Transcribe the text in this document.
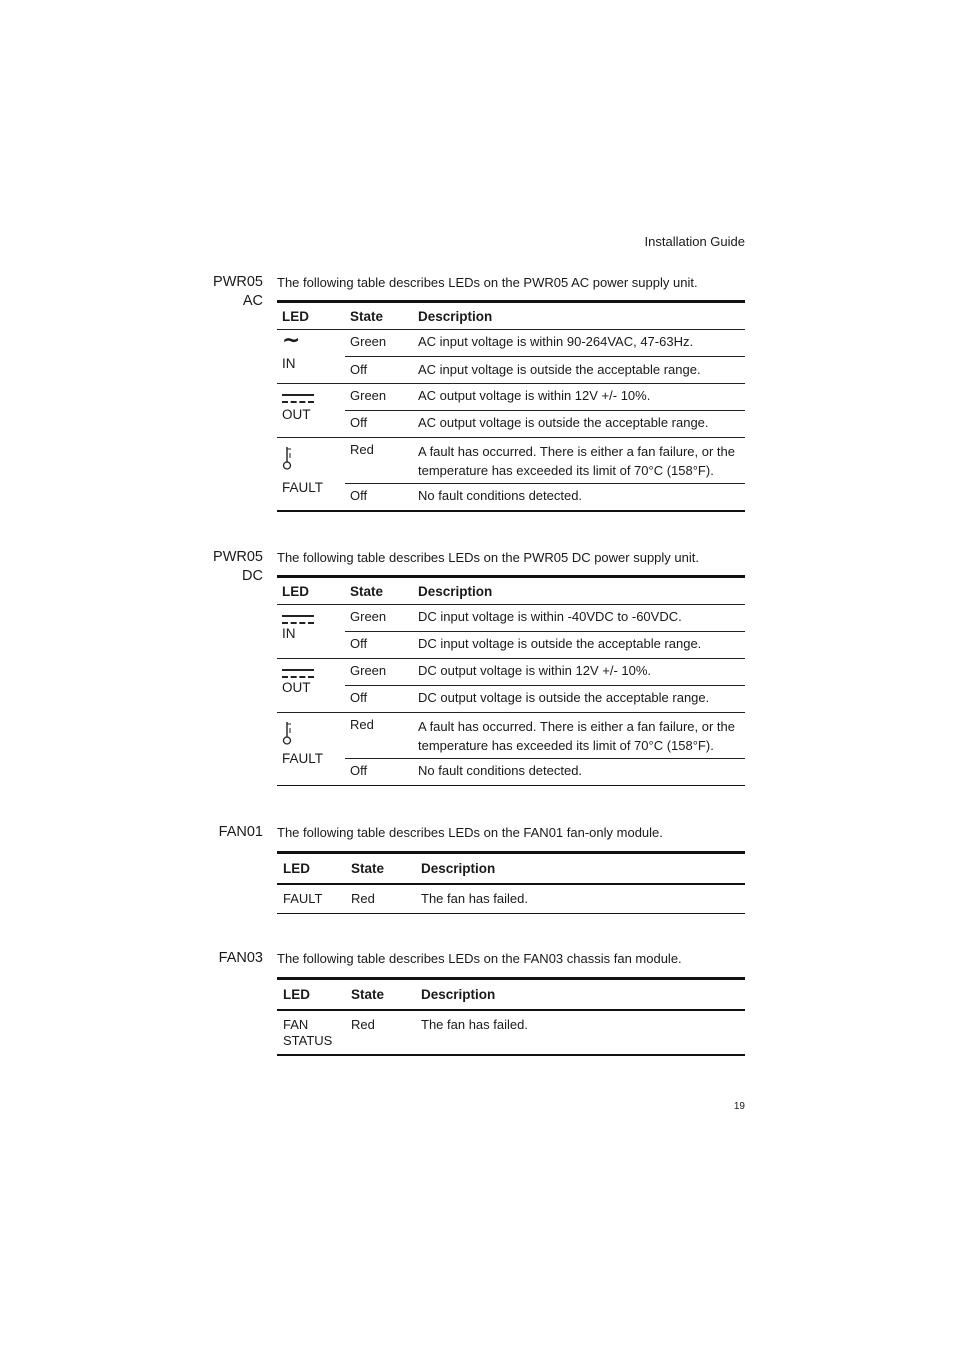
Installation Guide
PWR05
AC
The following table describes LEDs on the PWR05 AC power supply unit.
LED	State	Description

∼
IN	Green	AC input voltage is within 90-264VAC, 47-63Hz.
	Off	AC input voltage is outside the acceptable range.

OUT	Green	AC output voltage is within 12V +/- 10%.
	Off	AC output voltage is outside the acceptable range.

FAULT	Red	A fault has occurred. There is either a fan failure, or the temperature has exceeded its limit of 70°C (158°F).
	Off	No fault conditions detected.
PWR05
DC
The following table describes LEDs on the PWR05 DC power supply unit.
LED	State	Description

IN	Green	DC input voltage is within -40VDC to -60VDC.
	Off	DC input voltage is outside the acceptable range.

OUT	Green	DC output voltage is within 12V +/- 10%.
	Off	DC output voltage is outside the acceptable range.

FAULT	Red	A fault has occurred. There is either a fan failure, or the temperature has exceeded its limit of 70°C (158°F).
	Off	No fault conditions detected.
FAN01 The following table describes LEDs on the FAN01 fan-only module.
LED	State	Description
FAULT	Red	The fan has failed.
FAN03 The following table describes LEDs on the FAN03 chassis fan module.
LED	State	Description
FAN
STATUS	Red	The fan has failed.
19
